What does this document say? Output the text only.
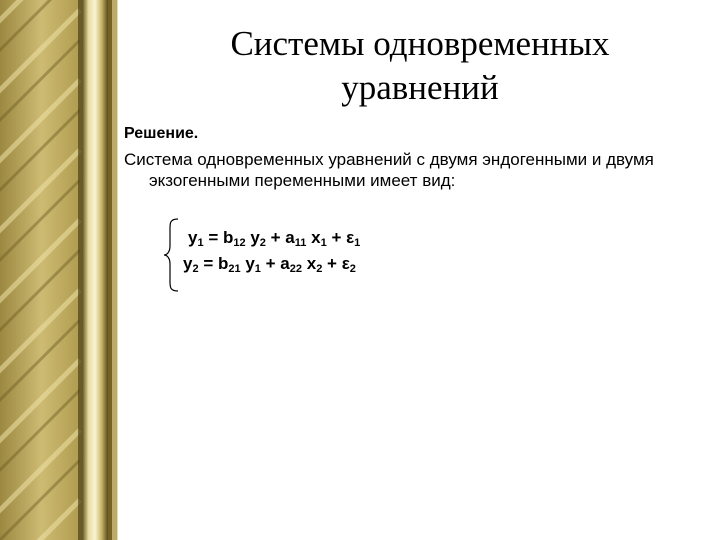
Системы одновременных
уравнений
Решение.
Система одновременных уравнений с двумя эндогенными и двумя экзогенными переменными имеет вид:
$y_1 = b_{12}$ $y_2 + a_{11}$ $x_1 + \varepsilon_1$
$y_2 = b_{21}$ $y_1 + a_{22}$ $x_2 + \varepsilon_2$
